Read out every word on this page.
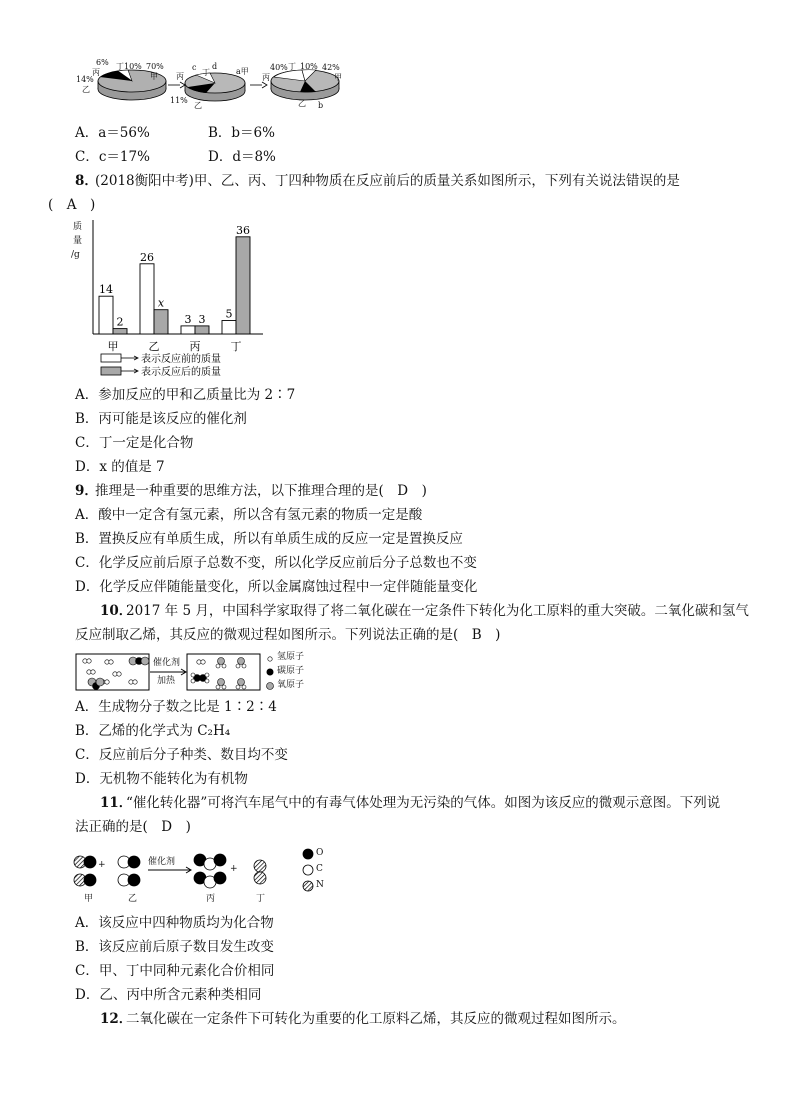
6%
丙
丁10% 70%
甲
14%
乙
c d
丙 丁	a甲
11%
乙
40% 丁 10% 42%
丙	甲
乙 b
A．a＝56%	B．b＝6%
C．c＝17%	D．d＝8%
8．
(2018衡阳中考)甲、乙、丙、丁四种物质在反应前后的质量关系如图所示，下列有关说法错误的是
(　A　)
质
量
/g
14
2
甲
26
x
乙
3 3
丙
5
36
丁
表示反应前的质量
表示反应后的质量
A．参加反应的甲和乙质量比为 2∶7
B．丙可能是该反应的催化剂
C．丁一定是化合物
D．x 的值是 7
9．
推理是一种重要的思维方法，以下推理合理的是(　D　)
A．酸中一定含有氢元素，所以含有氢元素的物质一定是酸
B．置换反应有单质生成，所以有单质生成的反应一定是置换反应
C．化学反应前后原子总数不变，所以化学反应前后分子总数也不变
D．化学反应伴随能量变化，所以金属腐蚀过程中一定伴随能量变化
10．
2017 年 5 月，中国科学家取得了将二氧化碳在一定条件下转化为化工原料的重大突破。二氧化碳和氢气
反应制取乙烯，其反应的微观过程如图所示。下列说法正确的是(　B　)
催化剂
加热
氢原子
碳原子
氧原子
A．生成物分子数之比是 1∶2∶4
B．乙烯的化学式为 C₂H₄
C．反应前后分子种类、数目均不变
D．无机物不能转化为有机物
11．
“催化转化器”可将汽车尾气中的有毒气体处理为无污染的气体。如图为该反应的微观示意图。下列说
法正确的是(　D　)
+	+
催化剂
甲	乙	丙	丁
O
C
N
A．该反应中四种物质均为化合物
B．该反应前后原子数目发生改变
C．甲、丁中同种元素化合价相同
D．乙、丙中所含元素种类相同
12．
二氧化碳在一定条件下可转化为重要的化工原料乙烯，其反应的微观过程如图所示。
